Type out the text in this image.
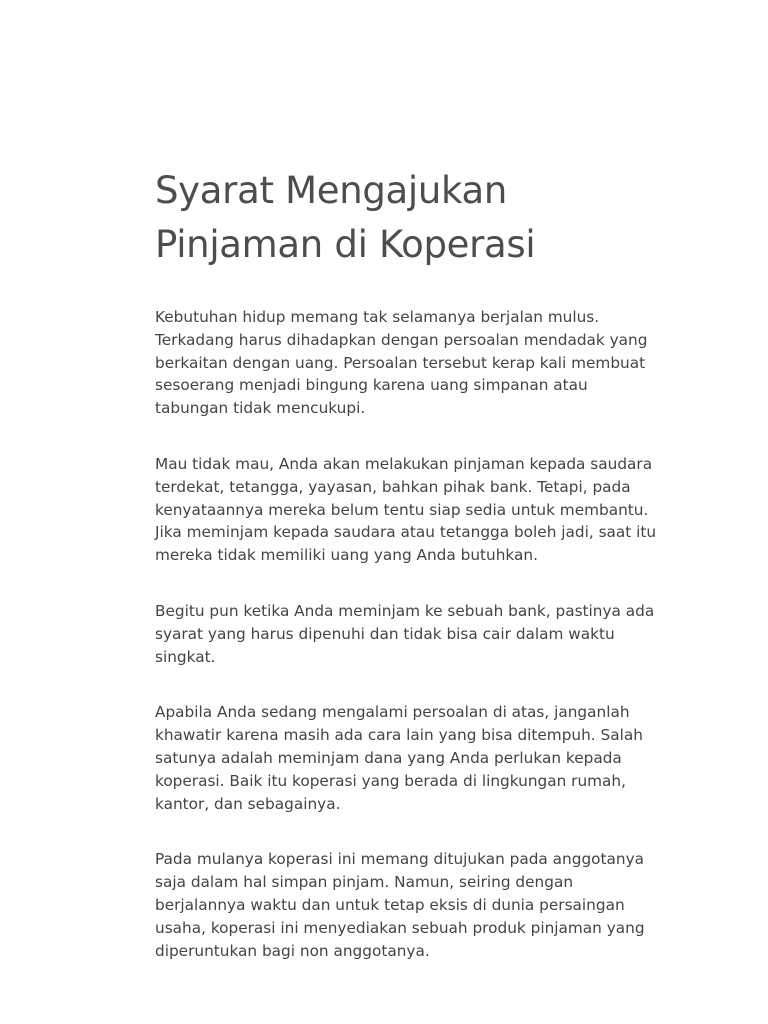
Syarat Mengajukan
Pinjaman di Koperasi

Kebutuhan hidup memang tak selamanya berjalan mulus.
Terkadang harus dihadapkan dengan persoalan mendadak yang
berkaitan dengan uang. Persoalan tersebut kerap kali membuat
sesoerang menjadi bingung karena uang simpanan atau
tabungan tidak mencukupi.

Mau tidak mau, Anda akan melakukan pinjaman kepada saudara
terdekat, tetangga, yayasan, bahkan pihak bank. Tetapi, pada
kenyataannya mereka belum tentu siap sedia untuk membantu.
Jika meminjam kepada saudara atau tetangga boleh jadi, saat itu
mereka tidak memiliki uang yang Anda butuhkan.

Begitu pun ketika Anda meminjam ke sebuah bank, pastinya ada
syarat yang harus dipenuhi dan tidak bisa cair dalam waktu
singkat.

Apabila Anda sedang mengalami persoalan di atas, janganlah
khawatir karena masih ada cara lain yang bisa ditempuh. Salah
satunya adalah meminjam dana yang Anda perlukan kepada
koperasi. Baik itu koperasi yang berada di lingkungan rumah,
kantor, dan sebagainya.

Pada mulanya koperasi ini memang ditujukan pada anggotanya
saja dalam hal simpan pinjam. Namun, seiring dengan
berjalannya waktu dan untuk tetap eksis di dunia persaingan
usaha, koperasi ini menyediakan sebuah produk pinjaman yang
diperuntukan bagi non anggotanya.
